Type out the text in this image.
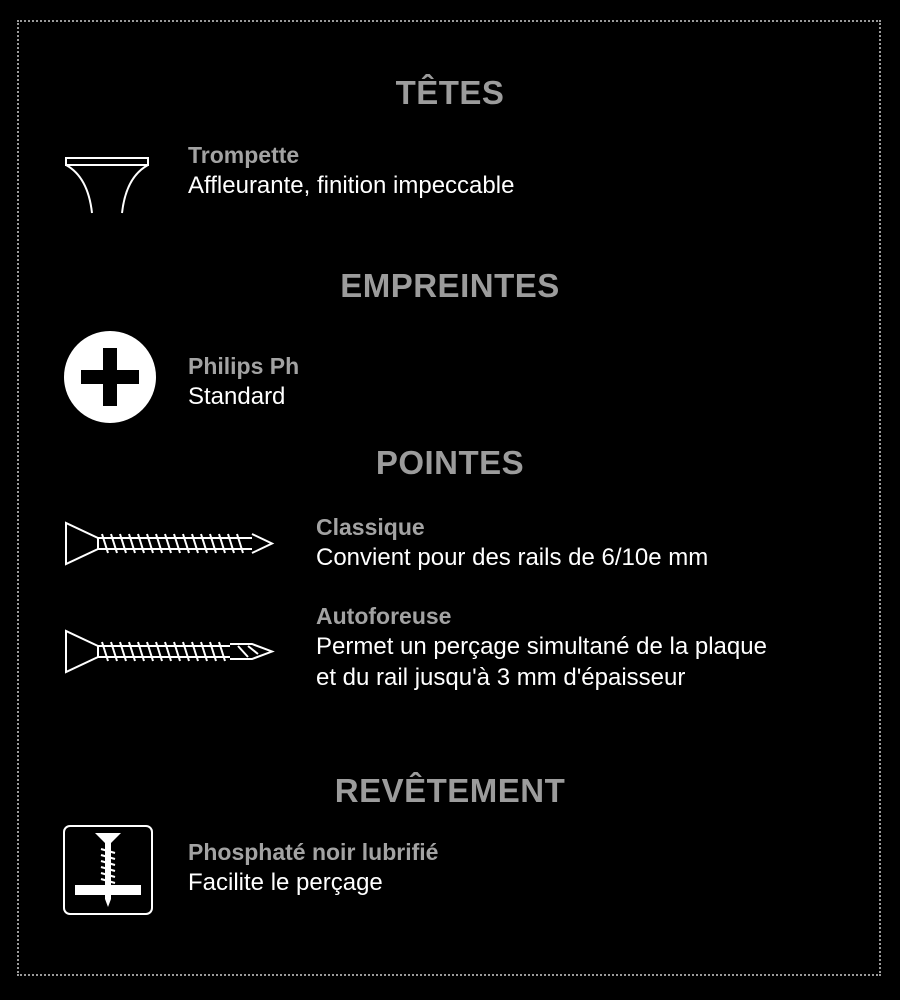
TÊTES
Trompette
Affleurante, finition impeccable
EMPREINTES
Philips Ph
Standard
POINTES
Classique
Convient pour des rails de 6/10e mm
Autoforeuse
Permet un perçage simultané de la plaque
et du rail jusqu'à 3 mm d'épaisseur
REVÊTEMENT
Phosphaté noir lubrifié
Facilite le perçage
